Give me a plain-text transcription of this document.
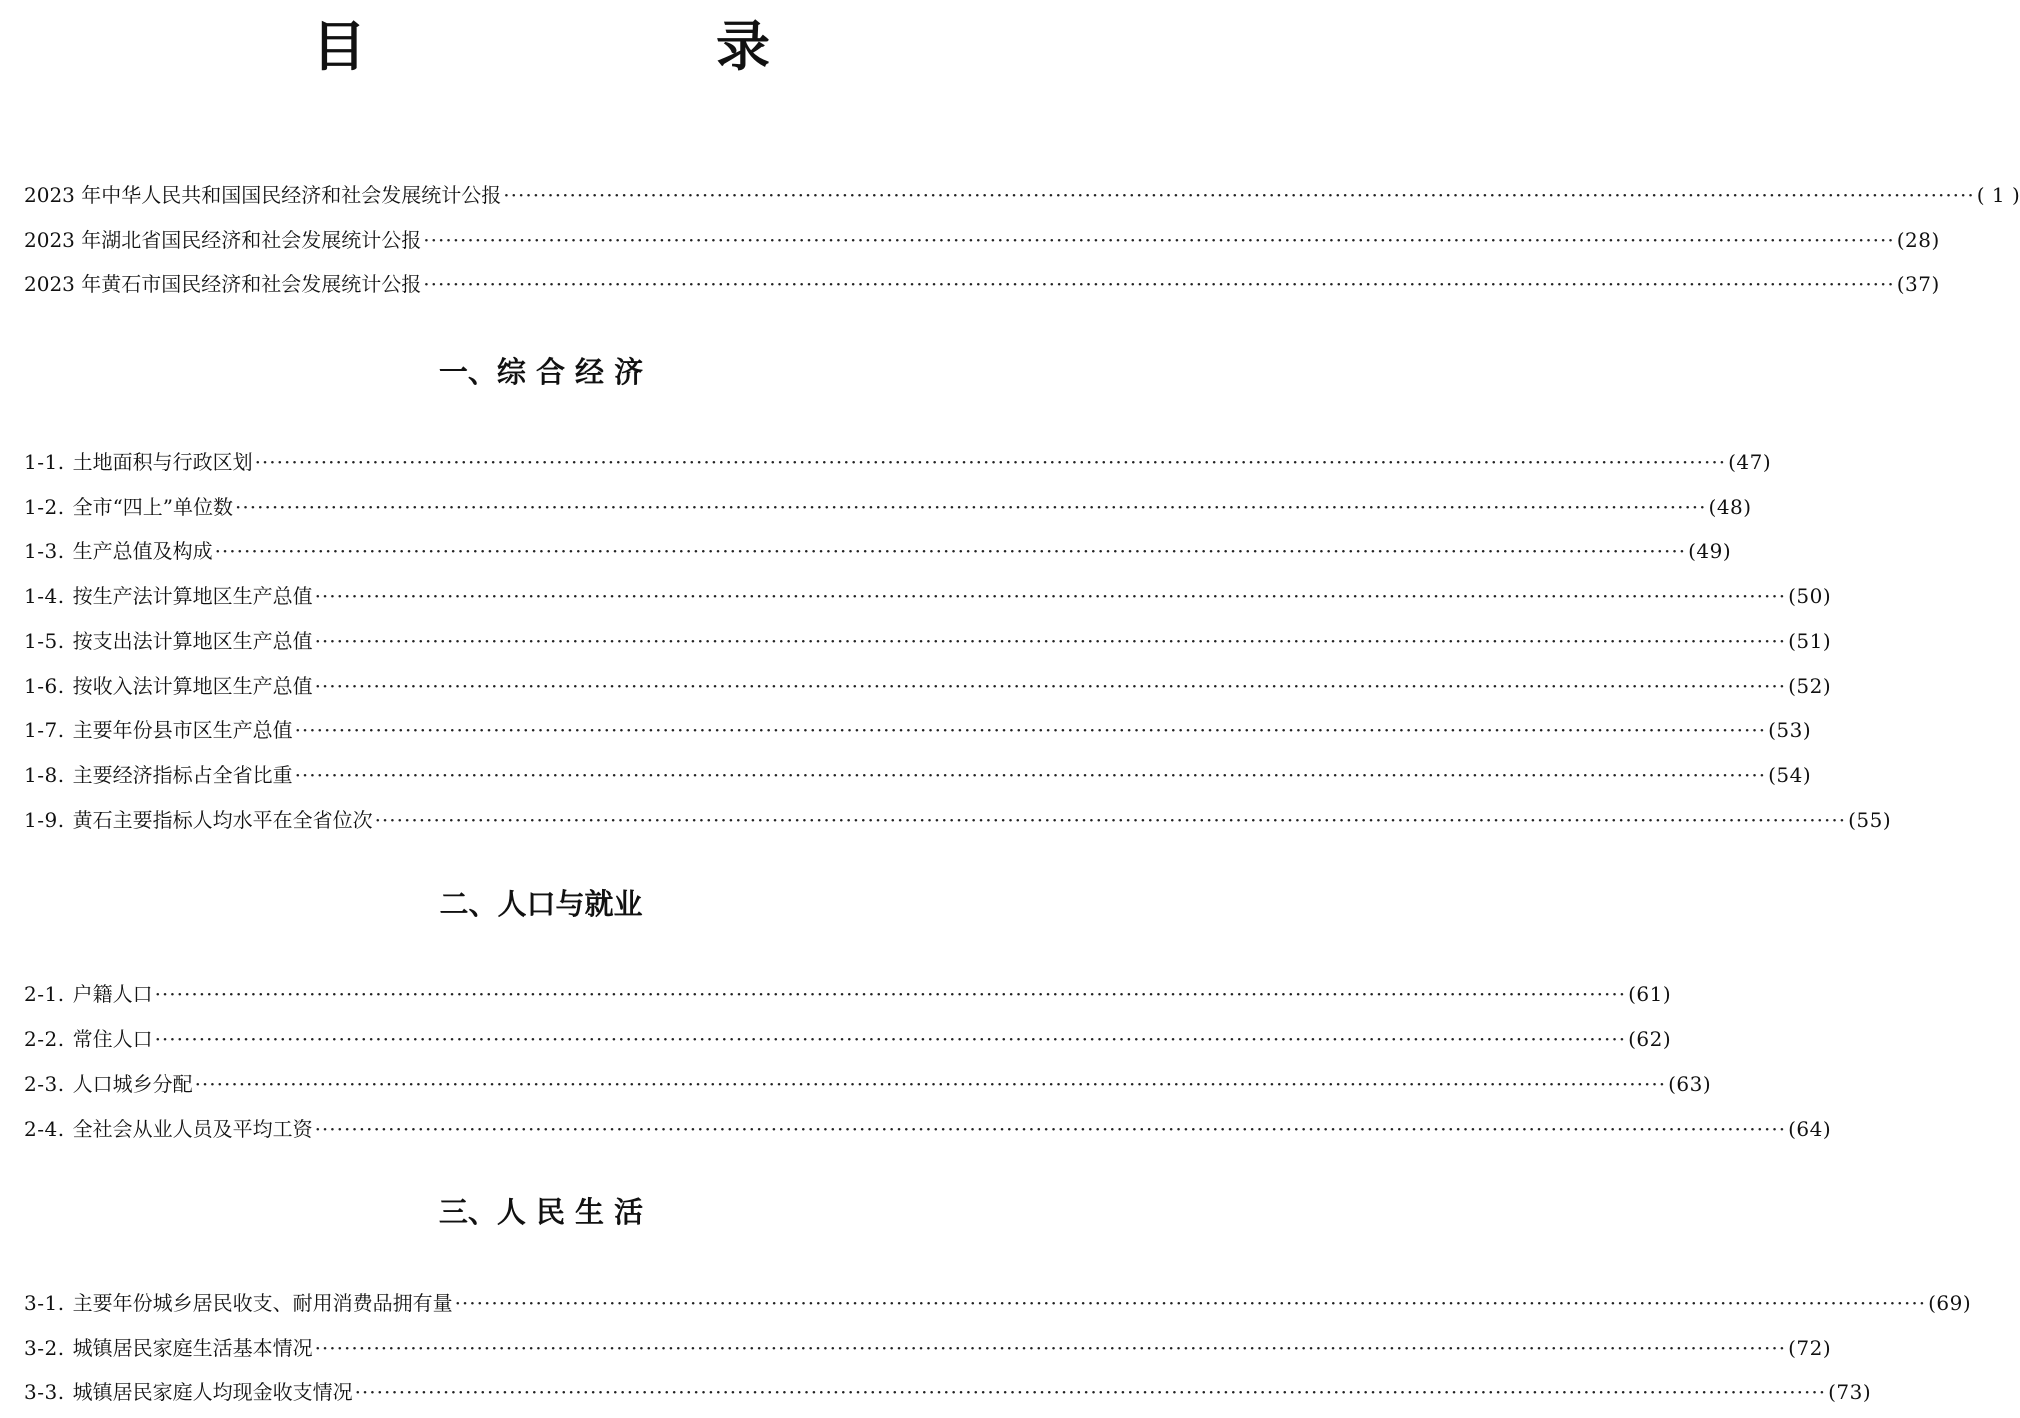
目　录
2023 年中华人民共和国国民经济和社会发展统计公报 ········································································································································································································ ( 1 )
2023 年湖北省国民经济和社会发展统计公报 ········································································································································································································ (28)
2023 年黄石市国民经济和社会发展统计公报 ········································································································································································································ (37)
一、综 合 经 济
1-1. 土地面积与行政区划 ········································································································································································································ (47)
1-2. 全市“四上”单位数 ········································································································································································································ (48)
1-3. 生产总值及构成 ········································································································································································································ (49)
1-4. 按生产法计算地区生产总值 ········································································································································································································ (50)
1-5. 按支出法计算地区生产总值 ········································································································································································································ (51)
1-6. 按收入法计算地区生产总值 ········································································································································································································ (52)
1-7. 主要年份县市区生产总值 ········································································································································································································ (53)
1-8. 主要经济指标占全省比重 ········································································································································································································ (54)
1-9. 黄石主要指标人均水平在全省位次 ········································································································································································································ (55)
二、人口与就业
2-1. 户籍人口 ········································································································································································································ (61)
2-2. 常住人口 ········································································································································································································ (62)
2-3. 人口城乡分配 ········································································································································································································ (63)
2-4. 全社会从业人员及平均工资 ········································································································································································································ (64)
三、人 民 生 活
3-1. 主要年份城乡居民收支、耐用消费品拥有量 ········································································································································································································ (69)
3-2. 城镇居民家庭生活基本情况 ········································································································································································································ (72)
3-3. 城镇居民家庭人均现金收支情况 ········································································································································································································ (73)
